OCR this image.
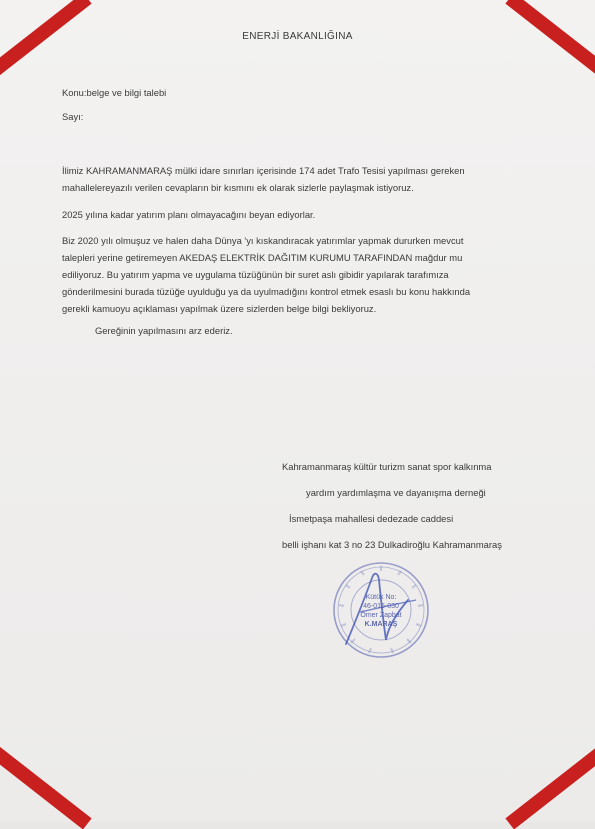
ENERJİ BAKANLIĞINA
Konu:belge ve bilgi talebi
Sayı:
İlimiz KAHRAMANMARAŞ mülki idare sınırları içerisinde 174 adet Trafo Tesisi yapılması gereken
mahallelereyazılı verilen cevapların bir kısmını ek olarak sizlerle paylaşmak istiyoruz.
2025 yılına kadar yatırım planı olmayacağını beyan ediyorlar.
Biz 2020 yılı olmuşuz ve halen daha Dünya 'yı kıskandıracak yatırımlar yapmak dururken mevcut
talepleri yerine getiremeyen AKEDAŞ ELEKTRİK DAĞITIM KURUMU TARAFINDAN mağdur mu
ediliyoruz. Bu yatırım yapma ve uygulama tüzüğünün bir suret aslı gibidir yapılarak tarafımıza
gönderilmesini burada tüzüğe uyulduğu ya da uyulmadığını kontrol etmek esaslı bu konu hakkında
gerekli kamuoyu açıklaması yapılmak üzere sizlerden belge bilgi bekliyoruz.
Gereğinin yapılmasını arz ederiz.
Kahramanmaraş kültür turizm sanat spor kalkınma
yardım yardımlaşma ve dayanışma derneği
İsmetpaşa mahallesi dedezade caddesi
belli işhanı kat 3 no 23 Dulkadiroğlu Kahramanmaraş
Kütük No:
46-015-030
Ömer Zapbat
K.MARAŞ
